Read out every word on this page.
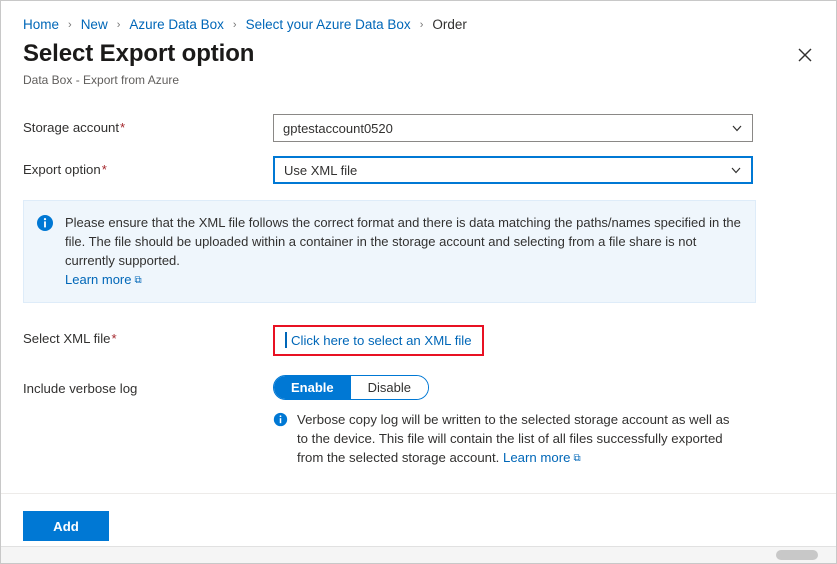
Home › New › Azure Data Box › Select your Azure Data Box › Order
Select Export option
Data Box - Export from Azure
Storage account*	gptestaccount0520
Export option*	Use XML file
Please ensure that the XML file follows the correct format and there is data matching the paths/names specified in the file. The file should be uploaded within a container in the storage account and selecting from a file share is not currently supported.
Learn more ⧉
Select XML file*	Click here to select an XML file
Include verbose log	Enable	Disable
Verbose copy log will be written to the selected storage account as well as to the device. This file will contain the list of all files successfully exported from the selected storage account. Learn more ⧉
Add
